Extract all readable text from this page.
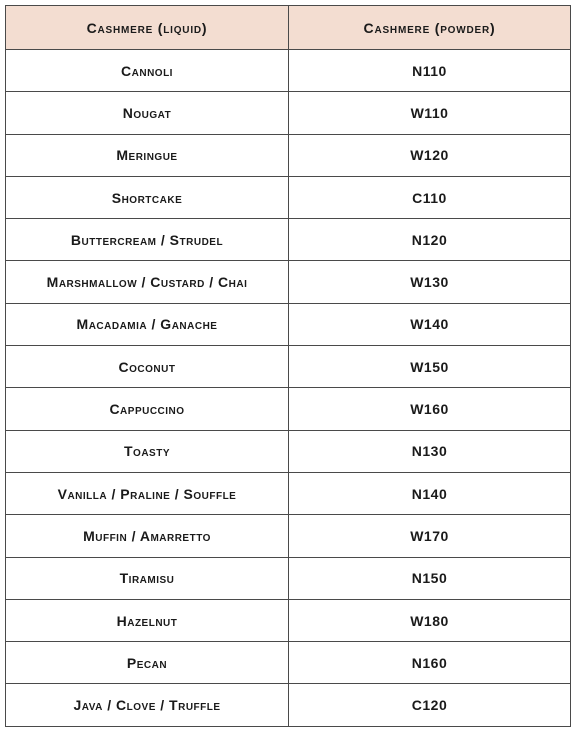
Cashmere (liquid)	Cashmere (powder)
Cannoli	N110
Nougat	W110
Meringue	W120
Shortcake	C110
Buttercream / Strudel	N120
Marshmallow / Custard / Chai	W130
Macadamia / Ganache	W140
Coconut	W150
Cappuccino	W160
Toasty	N130
Vanilla / Praline / Souffle	N140
Muffin / Amarretto	W170
Tiramisu	N150
Hazelnut	W180
Pecan	N160
Java / Clove / Truffle	C120
